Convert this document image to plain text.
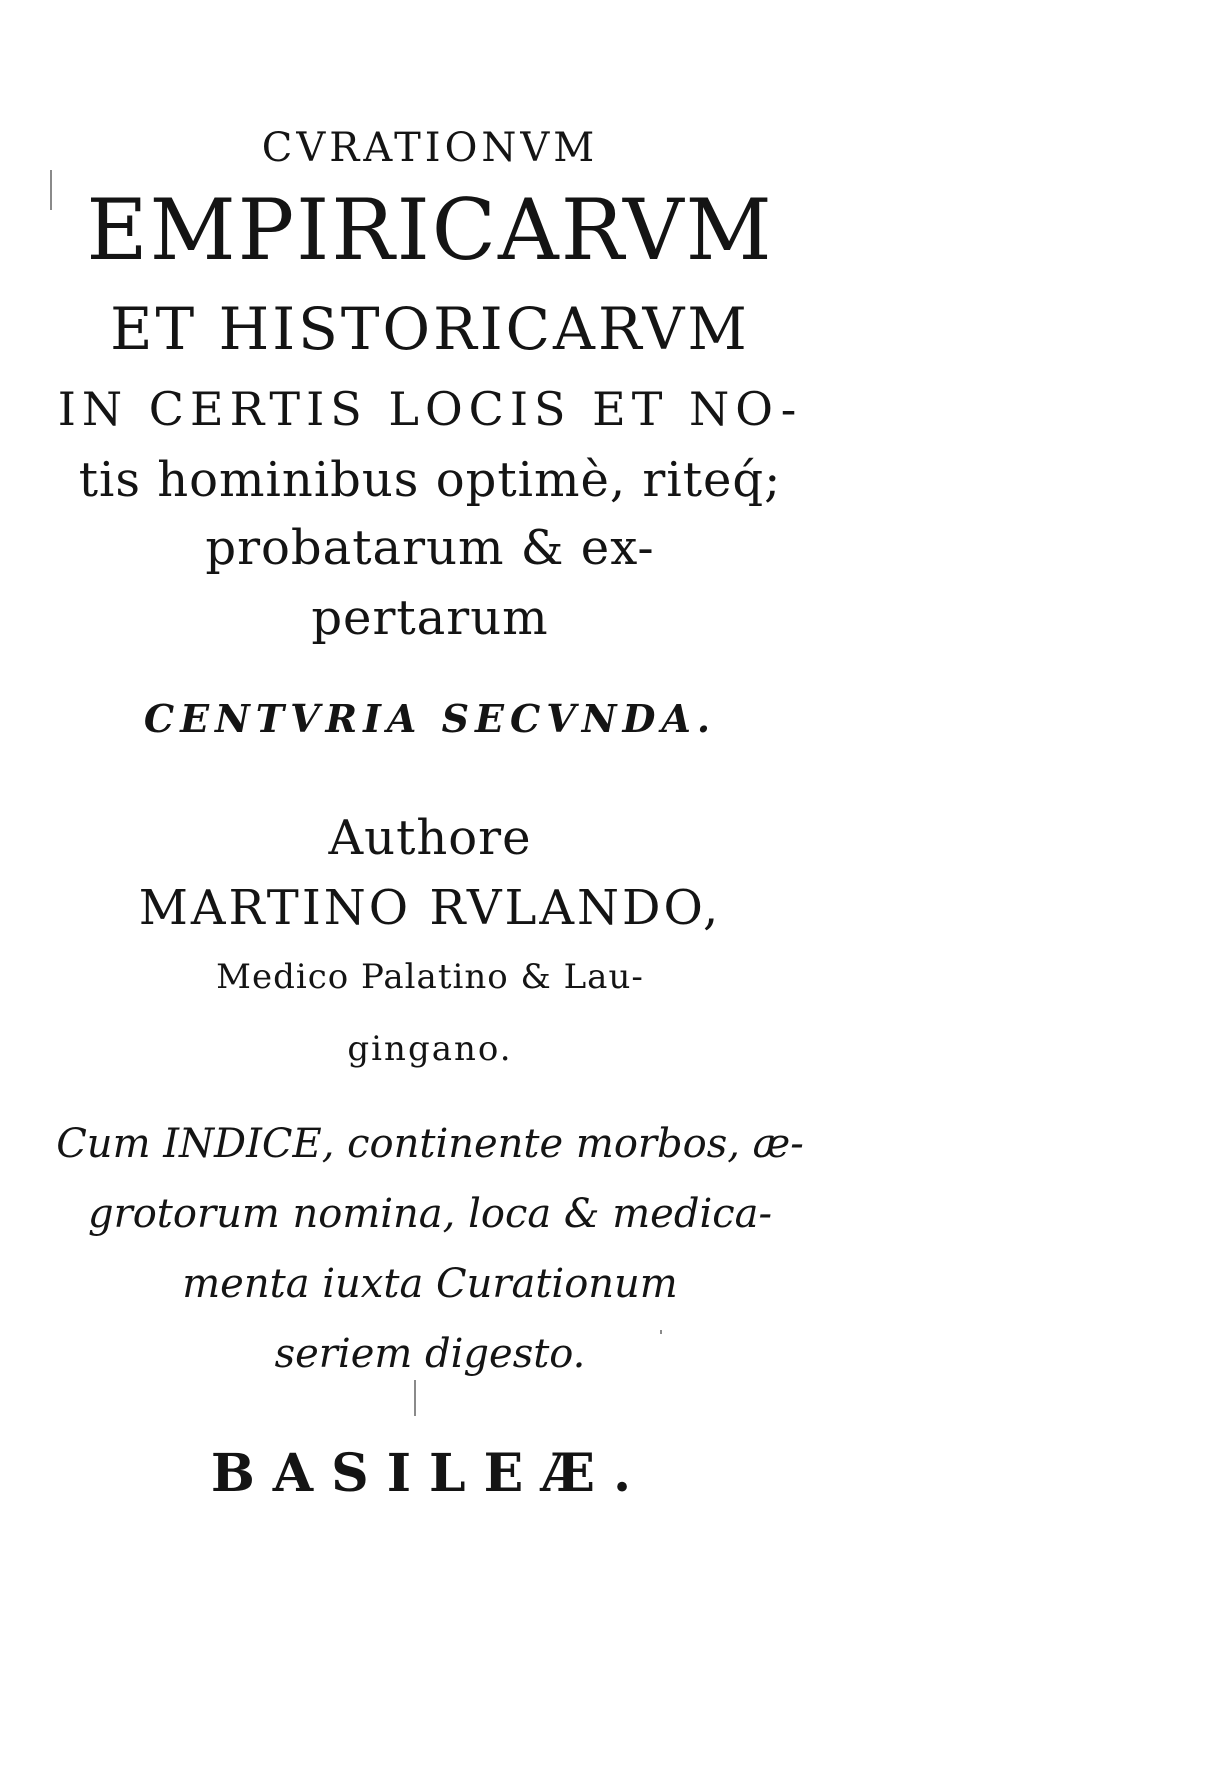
CVRATIONVM
EMPIRICARVM
ET HISTORICARVM
IN CERTIS LOCIS ET NO-
tis hominibus optimè, riteq́;
probatarum & ex-
pertarum
CENTVRIA SECVNDA.
Authore
MARTINO RVLANDO,
Medico Palatino & Lau-
gingano.
Cum INDICE, continente morbos, æ-
grotorum nomina, loca & medica-
menta iuxta Curationum
seriem digesto.
BASILEÆ.
